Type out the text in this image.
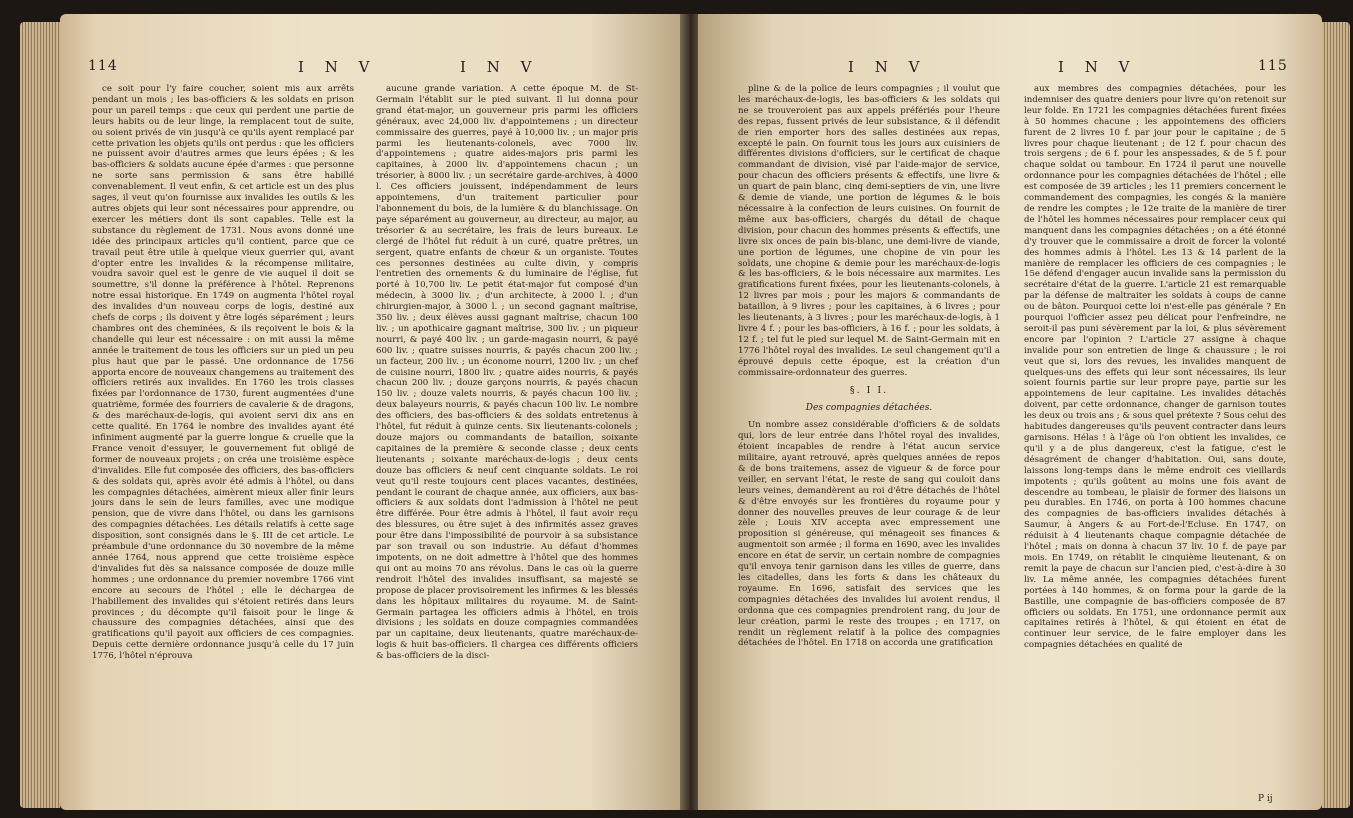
114	I N V	I N V

ce soit pour l'y faire coucher, soient mis aux arrêts pendant un mois ; les bas-officiers & les soldats en prison pour un pareil temps : que ceux qui perdent une partie de leurs habits ou de leur linge, la remplacent tout de suite, ou soient privés de vin jusqu'à ce qu'ils ayent remplacé par cette privation les objets qu'ils ont perdus : que les officiers ne puissent avoir d'autres armes que leurs épées ; & les bas-officiers & soldats aucune épée d'armes : que personne ne sorte sans permission & sans être habillé convenablement. Il veut enfin, & cet article est un des plus sages, il veut qu'on fournisse aux invalides les outils & les autres objets qui leur sont nécessaires pour apprendre, ou exercer les métiers dont ils sont capables. Telle est la substance du règlement de 1731. Nous avons donné une idée des principaux articles qu'il contient, parce que ce travail peut être utile à quelque vieux guerrier qui, avant d'opter entre les invalides & la récompense militaire, voudra savoir quel est le genre de vie auquel il doit se soumettre, s'il donne la préférence à l'hôtel. Reprenons notre essai historique. En 1749 on augmenta l'hôtel royal des invalides d'un nouveau corps de logis, destiné aux chefs de corps ; ils doivent y être logés séparément ; leurs chambres ont des cheminées, & ils reçoivent le bois & la chandelle qui leur est nécessaire : on mit aussi la même année le traitement de tous les officiers sur un pied un peu plus haut que par le passé. Une ordonnance de 1756 apporta encore de nouveaux changemens au traitement des officiers retirés aux invalides. En 1760 les trois classes fixées par l'ordonnance de 1730, furent augmentées d'une quatrième, formée des fourriers de cavalerie & de dragons, & des maréchaux-de-logis, qui avoient servi dix ans en cette qualité. En 1764 le nombre des invalides ayant été infiniment augmenté par la guerre longue & cruelle que la France venoit d'essuyer, le gouvernement fut obligé de former de nouveaux projets ; on créa une troisième espèce d'invalides. Elle fut composée des officiers, des bas-officiers & des soldats qui, après avoir été admis à l'hôtel, ou dans les compagnies détachées, aimèrent mieux aller finir leurs jours dans le sein de leurs familles, avec une modique pension, que de vivre dans l'hôtel, ou dans les garnisons des compagnies détachées. Les détails relatifs à cette sage disposition, sont consignés dans le §. III de cet article. Le préambule d'une ordonnance du 30 novembre de la même année 1764, nous apprend que cette troisième espèce d'invalides fut dès sa naissance composée de douze mille hommes ; une ordonnance du premier novembre 1766 vint encore au secours de l'hôtel ; elle le déchargea de l'habillement des invalides qui s'étoient retirés dans leurs provinces ; du décompte qu'il faisoit pour le linge & chaussure des compagnies détachées, ainsi que des gratifications qu'il payoit aux officiers de ces compagnies. Depuis cette dernière ordonnance jusqu'à celle du 17 juin 1776, l'hôtel n'éprouva

aucune grande variation. A cette époque M. de St-Germain l'établit sur le pied suivant. Il lui donna pour grand état-major, un gouverneur pris parmi les officiers généraux, avec 24,000 liv. d'appointemens ; un directeur commissaire des guerres, payé à 10,000 liv. ; un major pris parmi les lieutenants-colonels, avec 7000 liv. d'appointemens ; quatre aides-majors pris parmi les capitaines, à 2000 liv. d'appointemens chacun ; un trésorier, à 8000 liv. ; un secrétaire garde-archives, à 4000 l. Ces officiers jouissent, indépendamment de leurs appointemens, d'un traitement particulier pour l'abonnement du bois, de la lumière & du blanchissage. On paye séparément au gouverneur, au directeur, au major, au trésorier & au secrétaire, les frais de leurs bureaux. Le clergé de l'hôtel fut réduit à un curé, quatre prêtres, un sergent, quatre enfants de chœur & un organiste. Toutes ces personnes destinées au culte divin, y compris l'entretien des ornements & du luminaire de l'église, fut porté à 10,700 liv. Le petit état-major fut composé d'un médecin, à 3000 liv. ; d'un architecte, à 2000 l. ; d'un chirurgien-major, à 3000 l. ; un second gagnant maîtrise, 350 liv. ; deux élèves aussi gagnant maîtrise, chacun 100 liv. ; un apothicaire gagnant maîtrise, 300 liv. ; un piqueur nourri, & payé 400 liv. ; un garde-magasin nourri, & payé 600 liv. ; quatre suisses nourris, & payés chacun 200 liv. ; un facteur, 200 liv. ; un économe nourri, 1200 liv. ; un chef de cuisine nourri, 1800 liv. ; quatre aides nourris, & payés chacun 200 liv. ; douze garçons nourris, & payés chacun 150 liv. ; douze valets nourris, & payés chacun 100 liv. ; deux balayeurs nourris, & payés chacun 100 liv. Le nombre des officiers, des bas-officiers & des soldats entretenus à l'hôtel, fut réduit à quinze cents. Six lieutenants-colonels ; douze majors ou commandants de bataillon, soixante capitaines de la première & seconde classe ; deux cents lieutenants ; soixante maréchaux-de-logis ; deux cents douze bas officiers & neuf cent cinquante soldats. Le roi veut qu'il reste toujours cent places vacantes, destinées, pendant le courant de chaque année, aux officiers, aux bas-officiers & aux soldats dont l'admission à l'hôtel ne peut être différée. Pour être admis à l'hôtel, il faut avoir reçu des blessures, ou être sujet à des infirmités assez graves pour être dans l'impossibilité de pourvoir à sa subsistance par son travail ou son industrie. Au défaut d'hommes impotents, on ne doit admettre à l'hôtel que des hommes qui ont au moins 70 ans révolus. Dans le cas où la guerre rendroit l'hôtel des invalides insuffisant, sa majesté se propose de placer provisoirement les infirmes & les blessés dans les hôpitaux militaires du royaume. M. de Saint-Germain partagea les officiers admis à l'hôtel, en trois divisions ; les soldats en douze compagnies commandées par un capitaine, deux lieutenants, quatre maréchaux-de-logis & huit bas-officiers. Il chargea ces différents officiers & bas-officiers de la disci-

I N V	I N V	115

pline & de la police de leurs compagnies ; il voulut que les maréchaux-de-logis, les bas-officiers & les soldats qui ne se trouveroient pas aux appels préfériés pour l'heure des repas, fussent privés de leur subsistance, & il défendit de rien emporter hors des salles destinées aux repas, excepté le pain. On fournit tous les jours aux cuisiniers de différentes divisions d'officiers, sur le certificat de chaque commandant de division, visé par l'aide-major de service, pour chacun des officiers présents & effectifs, une livre & un quart de pain blanc, cinq demi-septiers de vin, une livre & demie de viande, une portion de légumes & le bois nécessaire à la confection de leurs cuisines. On fournit de même aux bas-officiers, chargés du détail de chaque division, pour chacun des hommes présents & effectifs, une livre six onces de pain bis-blanc, une demi-livre de viande, une portion de légumes, une chopine de vin pour les soldats, une chopine & demie pour les maréchaux-de-logis & les bas-officiers, & le bois nécessaire aux marmites. Les gratifications furent fixées, pour les lieutenants-colonels, à 12 livres par mois ; pour les majors & commandants de bataillon, à 9 livres ; pour les capitaines, à 6 livres ; pour les lieutenants, à 3 livres ; pour les maréchaux-de-logis, à 1 livre 4 f. ; pour les bas-officiers, à 16 f. ; pour les soldats, à 12 f. ; tel fut le pied sur lequel M. de Saint-Germain mit en 1776 l'hôtel royal des invalides. Le seul changement qu'il a éprouvé depuis cette époque, est la création d'un commissaire-ordonnateur des guerres.

§. I I.
Des compagnies détachées.

Un nombre assez considérable d'officiers & de soldats qui, lors de leur entrée dans l'hôtel royal des invalides, étoient incapables de rendre à l'état aucun service militaire, ayant retrouvé, après quelques années de repos & de bons traitemens, assez de vigueur & de force pour veiller, en servant l'état, le reste de sang qui couloit dans leurs veines, demandèrent au roi d'être détachés de l'hôtel & d'être envoyés sur les frontières du royaume pour y donner des nouvelles preuves de leur courage & de leur zèle ; Louis XIV accepta avec empressement une proposition si généreuse, qui ménageoit ses finances & augmentoit son armée ; il forma en 1690, avec les invalides encore en état de servir, un certain nombre de compagnies qu'il envoya tenir garnison dans les villes de guerre, dans les citadelles, dans les forts & dans les châteaux du royaume. En 1696, satisfait des services que les compagnies détachées des invalides lui avoient rendus, il ordonna que ces compagnies prendroient rang, du jour de leur création, parmi le reste des troupes ; en 1717, on rendit un règlement relatif à la police des compagnies détachées de l'hôtel. En 1718 on accorda une gratification

aux membres des compagnies détachées, pour les indemniser des quatre deniers pour livre qu'on retenoit sur leur folde. En 1721 les compagnies détachées furent fixées à 50 hommes chacune ; les appointemens des officiers furent de 2 livres 10 f. par jour pour le capitaine ; de 5 livres pour chaque lieutenant ; de 12 f. pour chacun des trois sergens ; de 6 f. pour les anspessades, & de 5 f. pour chaque soldat ou tambour. En 1724 il parut une nouvelle ordonnance pour les compagnies détachées de l'hôtel ; elle est composée de 39 articles ; les 11 premiers concernent le commandement des compagnies, les congés & la manière de rendre les comptes ; le 12e traite de la manière de tirer de l'hôtel les hommes nécessaires pour remplacer ceux qui manquent dans les compagnies détachées ; on a été étonné d'y trouver que le commissaire a droit de forcer la volonté des hommes admis à l'hôtel. Les 13 & 14 parlent de la manière de remplacer les officiers de ces compagnies ; le 15e défend d'engager aucun invalide sans la permission du secrétaire d'état de la guerre. L'article 21 est remarquable par la défense de maltraiter les soldats à coups de canne ou de bâton. Pourquoi cette loi n'est-elle pas générale ? En pourquoi l'officier assez peu délicat pour l'enfreindre, ne seroit-il pas puni sévèrement par la loi, & plus sévèrement encore par l'opinion ? L'article 27 assigne à chaque invalide pour son entretien de linge & chaussure ; le roi veut que si, lors des revues, les invalides manquent de quelques-uns des effets qui leur sont nécessaires, ils leur soient fournis partie sur leur propre paye, partie sur les appointemens de leur capitaine. Les invalides détachés doivent, par cette ordonnance, changer de garnison toutes les deux ou trois ans ; & sous quel prétexte ? Sous celui des habitudes dangereuses qu'ils peuvent contracter dans leurs garnisons. Hélas ! à l'âge où l'on obtient les invalides, ce qu'il y a de plus dangereux, c'est la fatigue, c'est le désagrément de changer d'habitation. Oui, sans doute, laissons long-temps dans le même endroit ces vieillards impotents ; qu'ils goûtent au moins une fois avant de descendre au tombeau, le plaisir de former des liaisons un peu durables. En 1746, on porta à 100 hommes chacune des compagnies de bas-officiers invalides détachés à Saumur, à Angers & au Fort-de-l'Ecluse. En 1747, on réduisit à 4 lieutenants chaque compagnie détachée de l'hôtel ; mais on donna à chacun 37 liv. 10 f. de paye par mois. En 1749, on rétablit le cinquième lieutenant, & on remit la paye de chacun sur l'ancien pied, c'est-à-dire à 30 liv. La même année, les compagnies détachées furent portées à 140 hommes, & on forma pour la garde de la Bastille, une compagnie de bas-officiers composée de 87 officiers ou soldats. En 1751, une ordonnance permit aux capitaines retirés à l'hôtel, & qui étoient en état de continuer leur service, de le faire employer dans les compagnies détachées en qualité de

P ij
